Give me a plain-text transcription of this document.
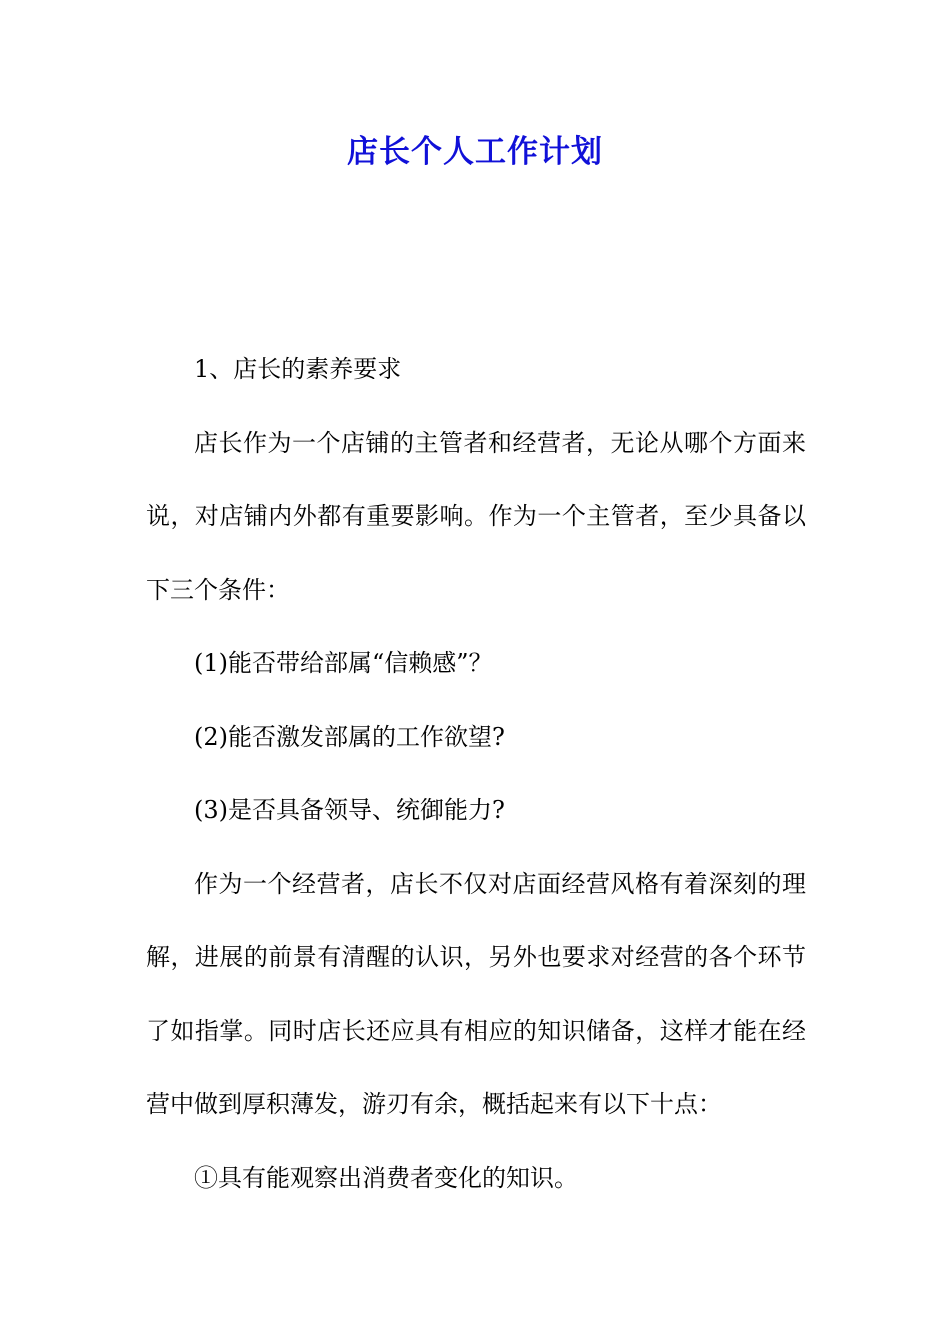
店长个人工作计划

1、店长的素养要求

店长作为一个店铺的主管者和经营者，无论从哪个方面来说，对店铺内外都有重要影响。作为一个主管者，至少具备以下三个条件：

(1)能否带给部属“信赖感”？

(2)能否激发部属的工作欲望?

(3)是否具备领导、统御能力?

作为一个经营者，店长不仅对店面经营风格有着深刻的理解，进展的前景有清醒的认识，另外也要求对经营的各个环节了如指掌。同时店长还应具有相应的知识储备，这样才能在经营中做到厚积薄发，游刃有余，概括起来有以下十点：

①具有能观察出消费者变化的知识。
